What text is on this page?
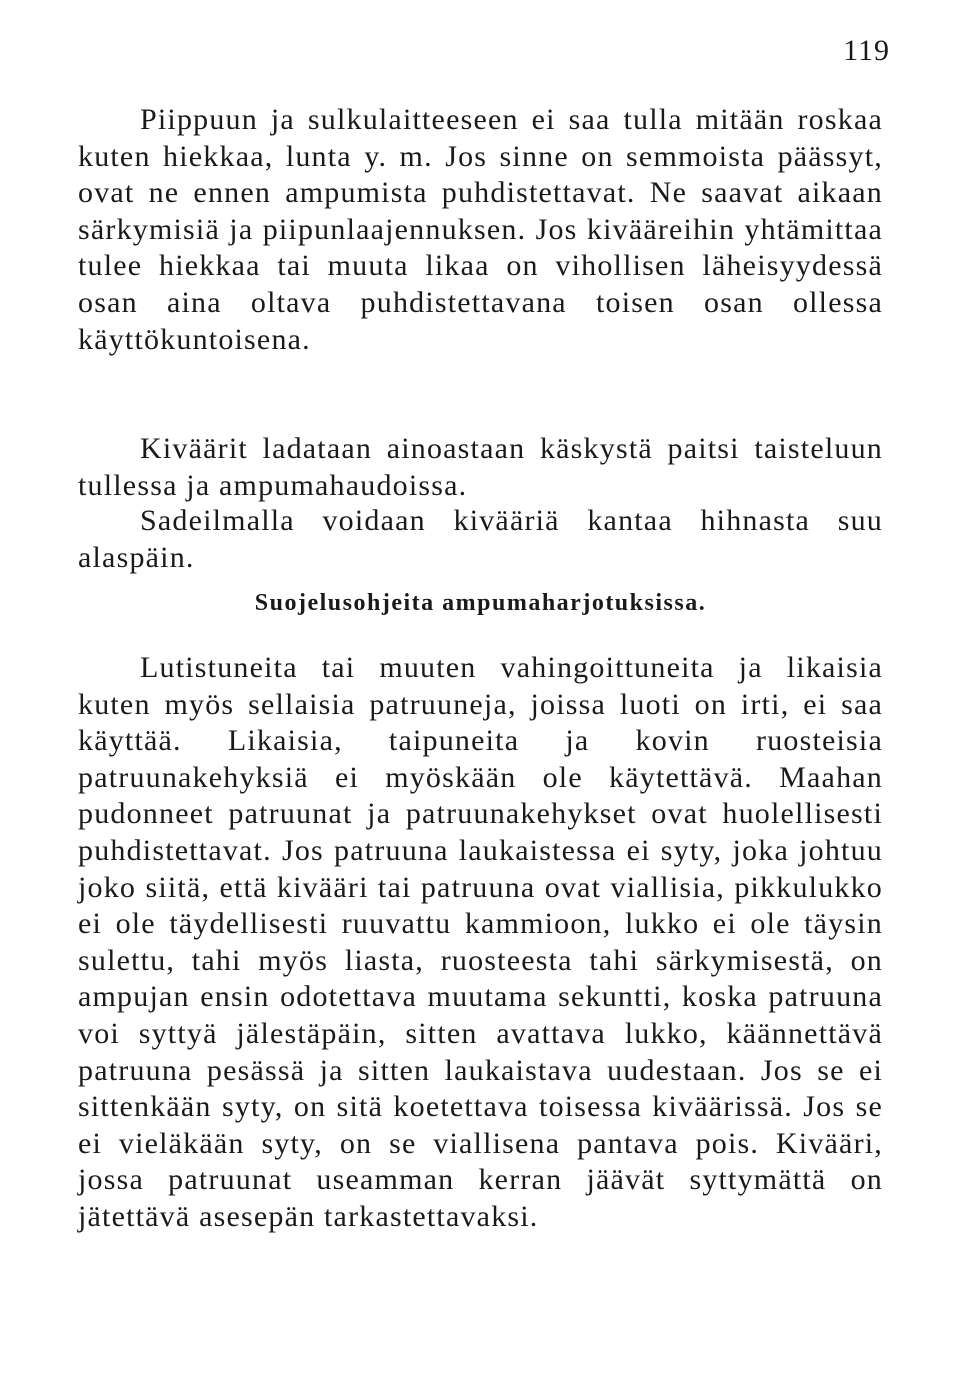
119
Piippuun ja sulkulaitteeseen ei saa tulla mitään roskaa kuten hiekkaa, lunta y. m. Jos sinne on semmoista päässyt, ovat ne ennen ampumista puhdistettavat. Ne saavat aikaan särkymisiä ja piipunlaajennuksen. Jos kivääreihin yhtämittaa tulee hiekkaa tai muuta likaa on vihollisen läheisyydessä osan aina oltava puhdistettavana toisen osan ollessa käyttökuntoisena.
Kiväärit ladataan ainoastaan käskystä paitsi taisteluun tullessa ja ampumahaudoissa.
Sadeilmalla voidaan kivääriä kantaa hihnasta suu alaspäin.
Suojelusohjeita ampumaharjotuksissa.
Lutistuneita tai muuten vahingoittuneita ja likaisia kuten myös sellaisia patruuneja, joissa luoti on irti, ei saa käyttää. Likaisia, taipuneita ja kovin ruosteisia patruunakehyksiä ei myöskään ole käytettävä. Maahan pudonneet patruunat ja patruunakehykset ovat huolellisesti puhdistettavat. Jos patruuna laukaistessa ei syty, joka johtuu joko siitä, että kivääri tai patruuna ovat viallisia, pikkulukko ei ole täydellisesti ruuvattu kammioon, lukko ei ole täysin sulettu, tahi myös liasta, ruosteesta tahi särkymisestä, on ampujan ensin odotettava muutama sekuntti, koska patruuna voi syttyä jälestäpäin, sitten avattava lukko, käännettävä patruuna pesässä ja sitten laukaistava uudestaan. Jos se ei sittenkään syty, on sitä koetettava toisessa kiväärissä. Jos se ei vieläkään syty, on se viallisena pantava pois. Kivääri, jossa patruunat useamman kerran jäävät syttymättä on jätettävä asesepän tarkastettavaksi.
